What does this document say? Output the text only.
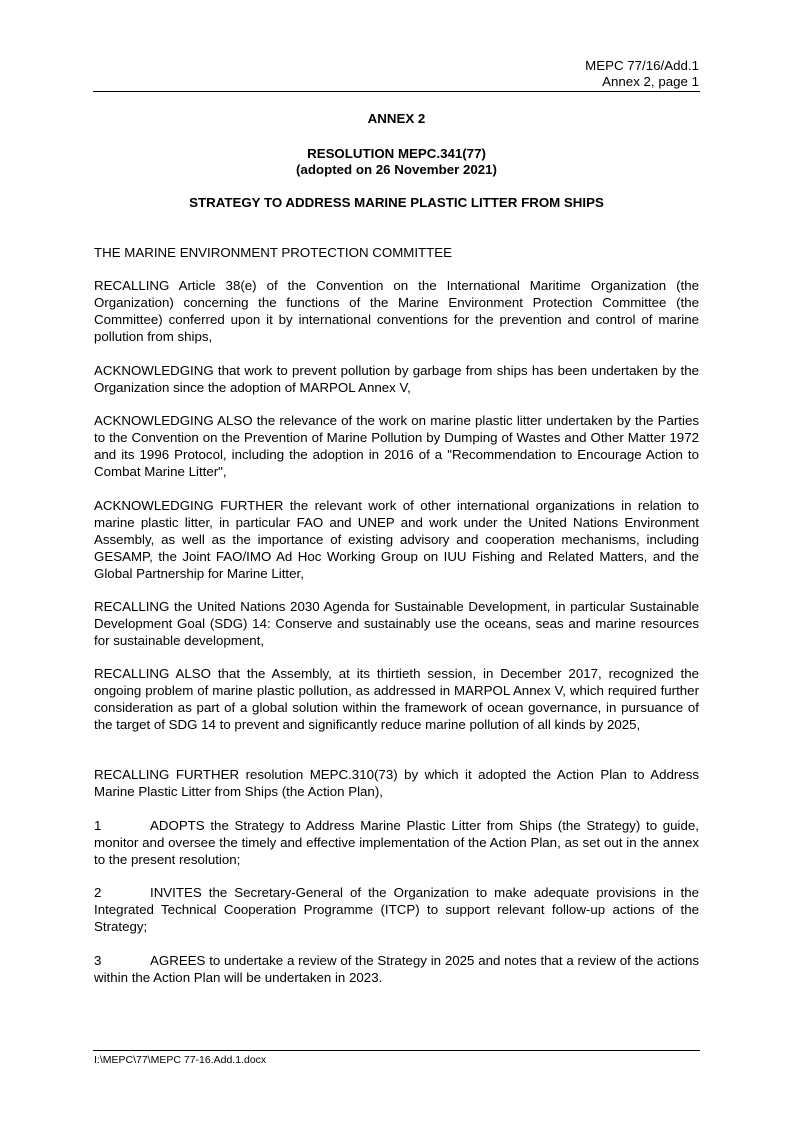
MEPC 77/16/Add.1
Annex 2, page 1
ANNEX 2
RESOLUTION MEPC.341(77)
(adopted on 26 November 2021)
STRATEGY TO ADDRESS MARINE PLASTIC LITTER FROM SHIPS
THE MARINE ENVIRONMENT PROTECTION COMMITTEE
RECALLING Article 38(e) of the Convention on the International Maritime Organization (the Organization) concerning the functions of the Marine Environment Protection Committee (the Committee) conferred upon it by international conventions for the prevention and control of marine pollution from ships,
ACKNOWLEDGING that work to prevent pollution by garbage from ships has been undertaken by the Organization since the adoption of MARPOL Annex V,
ACKNOWLEDGING ALSO the relevance of the work on marine plastic litter undertaken by the Parties to the Convention on the Prevention of Marine Pollution by Dumping of Wastes and Other Matter 1972 and its 1996 Protocol, including the adoption in 2016 of a "Recommendation to Encourage Action to Combat Marine Litter",
ACKNOWLEDGING FURTHER the relevant work of other international organizations in relation to marine plastic litter, in particular FAO and UNEP and work under the United Nations Environment Assembly, as well as the importance of existing advisory and cooperation mechanisms, including GESAMP, the Joint FAO/IMO Ad Hoc Working Group on IUU Fishing and Related Matters, and the Global Partnership for Marine Litter,
RECALLING the United Nations 2030 Agenda for Sustainable Development, in particular Sustainable Development Goal (SDG) 14: Conserve and sustainably use the oceans, seas and marine resources for sustainable development,
RECALLING ALSO that the Assembly, at its thirtieth session, in December 2017, recognized the ongoing problem of marine plastic pollution, as addressed in MARPOL Annex V, which required further consideration as part of a global solution within the framework of ocean governance, in pursuance of the target of SDG 14 to prevent and significantly reduce marine pollution of all kinds by 2025,
RECALLING FURTHER resolution MEPC.310(73) by which it adopted the Action Plan to Address Marine Plastic Litter from Ships (the Action Plan),
1	ADOPTS the Strategy to Address Marine Plastic Litter from Ships (the Strategy) to guide, monitor and oversee the timely and effective implementation of the Action Plan, as set out in the annex to the present resolution;
2	INVITES the Secretary-General of the Organization to make adequate provisions in the Integrated Technical Cooperation Programme (ITCP) to support relevant follow-up actions of the Strategy;
3	AGREES to undertake a review of the Strategy in 2025 and notes that a review of the actions within the Action Plan will be undertaken in 2023.
I:\MEPC\77\MEPC 77-16.Add.1.docx
